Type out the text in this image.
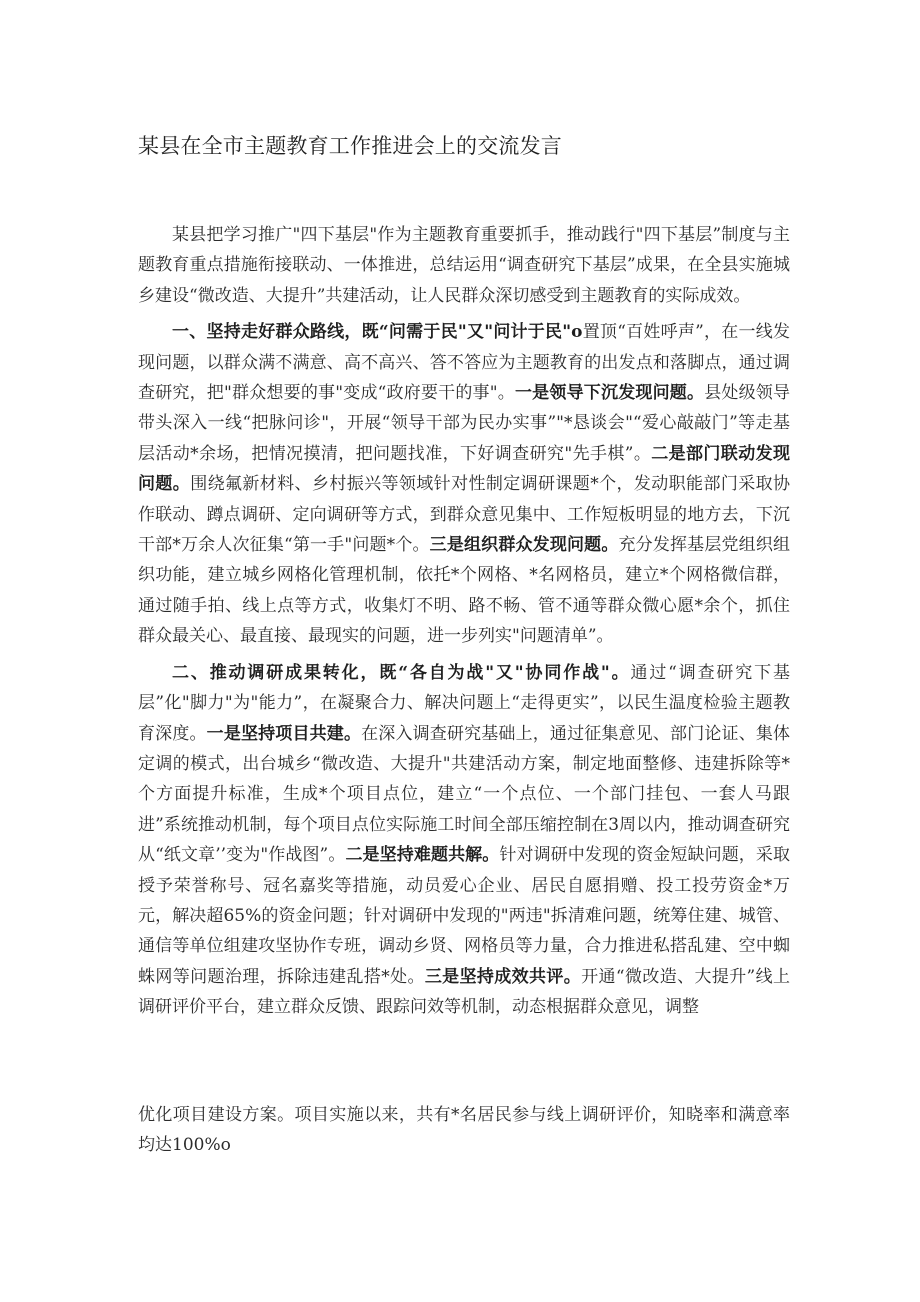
某县在全市主题教育工作推进会上的交流发言

某县把学习推广"四下基层"作为主题教育重要抓手，推动践行"四下基层”制度与主题教育重点措施衔接联动、一体推进，总结运用“调查研究下基层”成果，在全县实施城乡建设“微改造、大提升”共建活动，让人民群众深切感受到主题教育的实际成效。

一、坚持走好群众路线，既“问需于民"又"问计于民"o置顶“百姓呼声”，在一线发现问题，以群众满不满意、高不高兴、答不答应为主题教育的出发点和落脚点，通过调查研究，把"群众想要的事"变成“政府要干的事"。一是领导下沉发现问题。县处级领导带头深入一线“把脉问诊"，开展“领导干部为民办实事”"*恳谈会"“爱心敲敲门”等走基层活动*余场，把情况摸清，把问题找准，下好调查研究"先手棋”。二是部门联动发现问题。围绕氟新材料、乡村振兴等领域针对性制定调研课题*个，发动职能部门采取协作联动、蹲点调研、定向调研等方式，到群众意见集中、工作短板明显的地方去，下沉干部*万余人次征集“第一手"问题*个。三是组织群众发现问题。充分发挥基层党组织组织功能，建立城乡网格化管理机制，依托*个网格、*名网格员，建立*个网格微信群，通过随手拍、线上点等方式，收集灯不明、路不畅、管不通等群众微心愿*余个，抓住群众最关心、最直接、最现实的问题，进一步列实"问题清单”。

二、推动调研成果转化，既“各自为战"又"协同作战"。通过“调查研究下基层”化"脚力"为"能力”，在凝聚合力、解决问题上“走得更实”，以民生温度检验主题教育深度。一是坚持项目共建。在深入调查研究基础上，通过征集意见、部门论证、集体定调的模式，出台城乡“微改造、大提升"共建活动方案，制定地面整修、违建拆除等*个方面提升标准，生成*个项目点位，建立“一个点位、一个部门挂包、一套人马跟进”系统推动机制，每个项目点位实际施工时间全部压缩控制在3周以内，推动调查研究从“纸文章’’变为"作战图”。二是坚持难题共解。针对调研中发现的资金短缺问题，采取授予荣誉称号、冠名嘉奖等措施，动员爱心企业、居民自愿捐赠、投工投劳资金*万元，解决超65%的资金问题；针对调研中发现的"两违"拆清难问题，统筹住建、城管、通信等单位组建攻坚协作专班，调动乡贤、网格员等力量，合力推进私搭乱建、空中蜘蛛网等问题治理，拆除违建乱搭*处。三是坚持成效共评。开通“微改造、大提升”线上调研评价平台，建立群众反馈、跟踪问效等机制，动态根据群众意见，调整

优化项目建设方案。项目实施以来，共有*名居民参与线上调研评价，知晓率和满意率均达100%o
